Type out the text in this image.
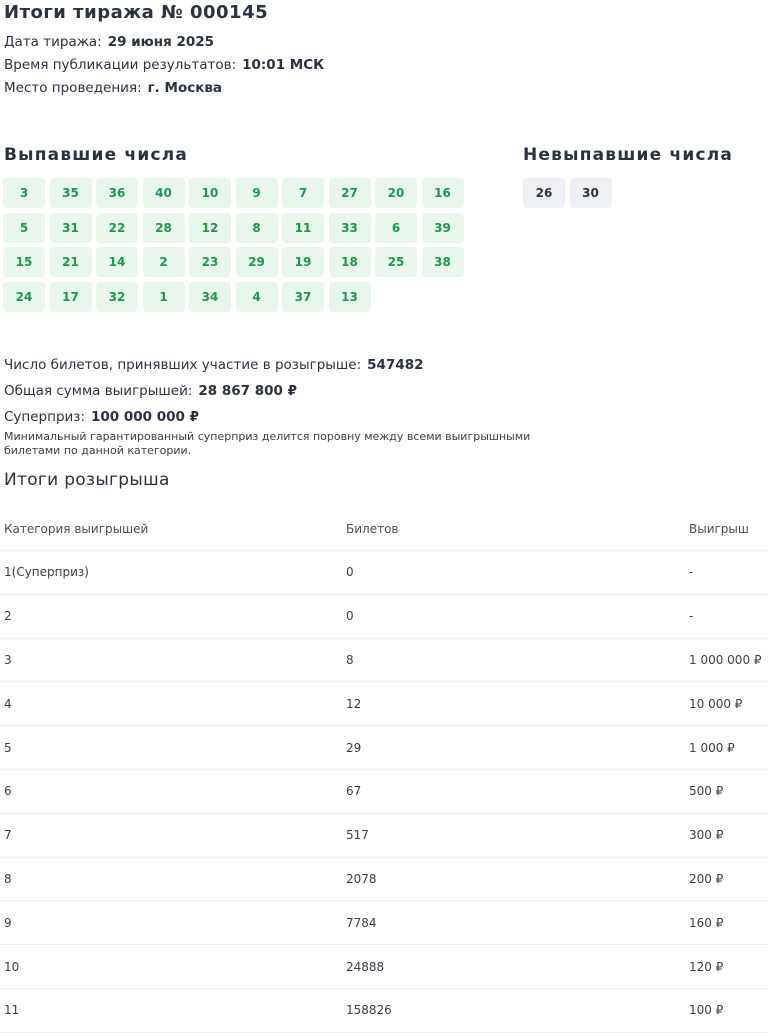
Итоги тиража № 000145
Дата тиража: 29 июня 2025
Время публикации результатов: 10:01 МСК
Место проведения: г. Москва
Выпавшие числа
3	35	36	40	10	9	7	27	20	16
5	31	22	28	12	8	11	33	6	39
15	21	14	2	23	29	19	18	25	38
24	17	32	1	34	4	37	13
Невыпавшие числа
26	30
Число билетов, принявших участие в розыгрыше: 547482
Общая сумма выигрышей: 28 867 800 ₽
Суперприз: 100 000 000 ₽
Минимальный гарантированный суперприз делится поровну между всеми выигрышными билетами по данной категории.
Итоги розыгрыша
Категория выигрышей	Билетов	Выигрыш
1(Суперприз)	0	-
2	0	-
3	8	1 000 000 ₽
4	12	10 000 ₽
5	29	1 000 ₽
6	67	500 ₽
7	517	300 ₽
8	2078	200 ₽
9	7784	160 ₽
10	24888	120 ₽
11	158826	100 ₽
